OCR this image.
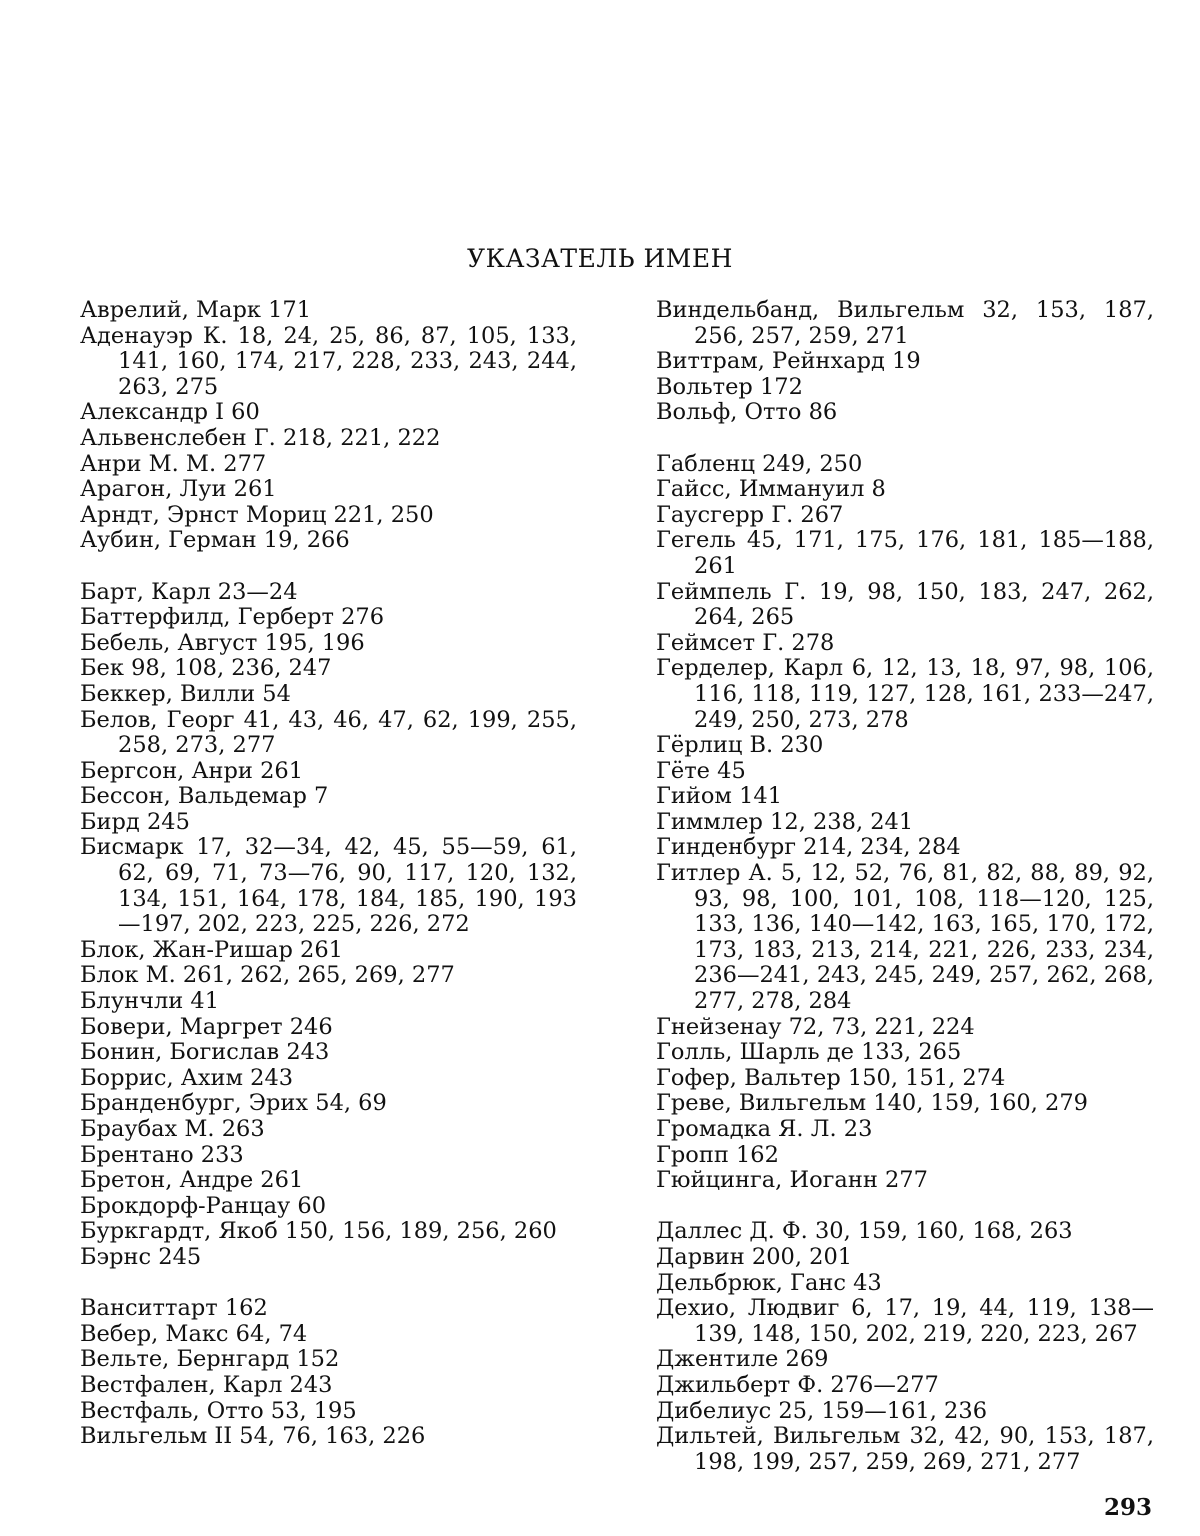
УКАЗАТЕЛЬ ИМЕН
Аврелий, Марк 171
Аденауэр К. 18, 24, 25, 86, 87, 105, 133, 141, 160, 174, 217, 228, 233, 243, 244, 263, 275
Александр I 60
Альвенслебен Г. 218, 221, 222
Анри М. М. 277
Арагон, Луи 261
Арндт, Эрнст Мориц 221, 250
Аубин, Герман 19, 266
Барт, Карл 23—24
Баттерфилд, Герберт 276
Бебель, Август 195, 196
Бек 98, 108, 236, 247
Беккер, Вилли 54
Белов, Георг 41, 43, 46, 47, 62, 199, 255, 258, 273, 277
Бергсон, Анри 261
Бессон, Вальдемар 7
Бирд 245
Бисмарк 17, 32—34, 42, 45, 55—59, 61, 62, 69, 71, 73—76, 90, 117, 120, 132, 134, 151, 164, 178, 184, 185, 190, 193—197, 202, 223, 225, 226, 272
Блок, Жан-Ришар 261
Блок М. 261, 262, 265, 269, 277
Блунчли 41
Бовери, Маргрет 246
Бонин, Богислав 243
Боррис, Ахим 243
Бранденбург, Эрих 54, 69
Браубах М. 263
Брентано 233
Бретон, Андре 261
Брокдорф-Ранцау 60
Буркгардт, Якоб 150, 156, 189, 256, 260
Бэрнс 245
Ванситтарт 162
Вебер, Макс 64, 74
Вельте, Бернгард 152
Вестфален, Карл 243
Вестфаль, Отто 53, 195
Вильгельм II 54, 76, 163, 226
Виндельбанд, Вильгельм 32, 153, 187, 256, 257, 259, 271
Виттрам, Рейнхард 19
Вольтер 172
Вольф, Отто 86
Габленц 249, 250
Гайсс, Иммануил 8
Гаусгерр Г. 267
Гегель 45, 171, 175, 176, 181, 185—188, 261
Геймпель Г. 19, 98, 150, 183, 247, 262, 264, 265
Геймсет Г. 278
Герделер, Карл 6, 12, 13, 18, 97, 98, 106, 116, 118, 119, 127, 128, 161, 233—247, 249, 250, 273, 278
Гёрлиц В. 230
Гёте 45
Гийом 141
Гиммлер 12, 238, 241
Гинденбург 214, 234, 284
Гитлер А. 5, 12, 52, 76, 81, 82, 88, 89, 92, 93, 98, 100, 101, 108, 118—120, 125, 133, 136, 140—142, 163, 165, 170, 172, 173, 183, 213, 214, 221, 226, 233, 234, 236—241, 243, 245, 249, 257, 262, 268, 277, 278, 284
Гнейзенау 72, 73, 221, 224
Голль, Шарль де 133, 265
Гофер, Вальтер 150, 151, 274
Греве, Вильгельм 140, 159, 160, 279
Громадка Я. Л. 23
Гропп 162
Гюйцинга, Иоганн 277
Даллес Д. Ф. 30, 159, 160, 168, 263
Дарвин 200, 201
Дельбрюк, Ганс 43
Дехио, Людвиг 6, 17, 19, 44, 119, 138—139, 148, 150, 202, 219, 220, 223, 267
Джентиле 269
Джильберт Ф. 276—277
Дибелиус 25, 159—161, 236
Дильтей, Вильгельм 32, 42, 90, 153, 187, 198, 199, 257, 259, 269, 271, 277
293
